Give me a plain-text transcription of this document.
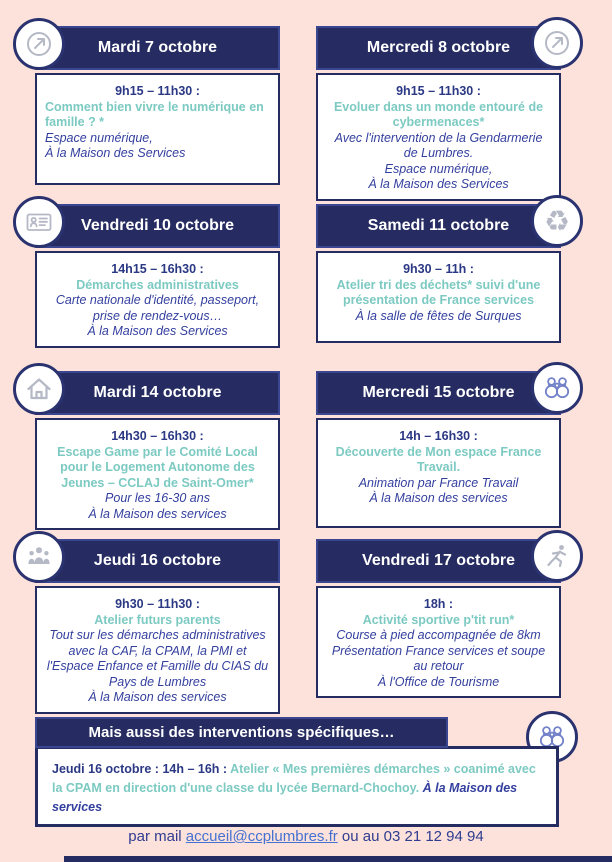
Mardi 7 octobre
9h15 – 11h30 :
Comment bien vivre le numérique en famille ? *
Espace numérique,
À la Maison des Services
Mercredi 8 octobre
9h15 – 11h30 :
Evoluer dans un monde entouré de cybermenaces*
Avec l'intervention de la Gendarmerie de Lumbres.
Espace numérique,
À la Maison des Services
Vendredi 10 octobre
14h15 – 16h30 :
Démarches administratives
Carte nationale d'identité, passeport, prise de rendez-vous…
À la Maison des Services
♻
Samedi 11 octobre
9h30 – 11h :
Atelier tri des déchets* suivi d'une présentation de France services
À la salle de fêtes de Surques
Mardi 14 octobre
14h30 – 16h30 :
Escape Game par le Comité Local pour le Logement Autonome des Jeunes – CCLAJ de Saint-Omer*
Pour les 16-30 ans
À la Maison des services
Mercredi 15 octobre
14h – 16h30 :
Découverte de Mon espace France Travail.
Animation par France Travail
À la Maison des services
Jeudi 16 octobre
9h30 – 11h30 :
Atelier futurs parents
Tout sur les démarches administratives avec la CAF, la CPAM, la PMI et l'Espace Enfance et Famille du CIAS du Pays de Lumbres
À la Maison des services
Vendredi 17 octobre
18h :
Activité sportive p'tit run*
Course à pied accompagnée de 8km
Présentation France services et soupe au retour
À l'Office de Tourisme
Mais aussi des interventions spécifiques…
Jeudi 16 octobre : 14h – 16h : Atelier « Mes premières démarches » coanimé avec la CPAM en direction d'une classe du lycée Bernard-Chochoy. À la Maison des services
par mail accueil@ccplumbres.fr ou au 03 21 12 94 94
